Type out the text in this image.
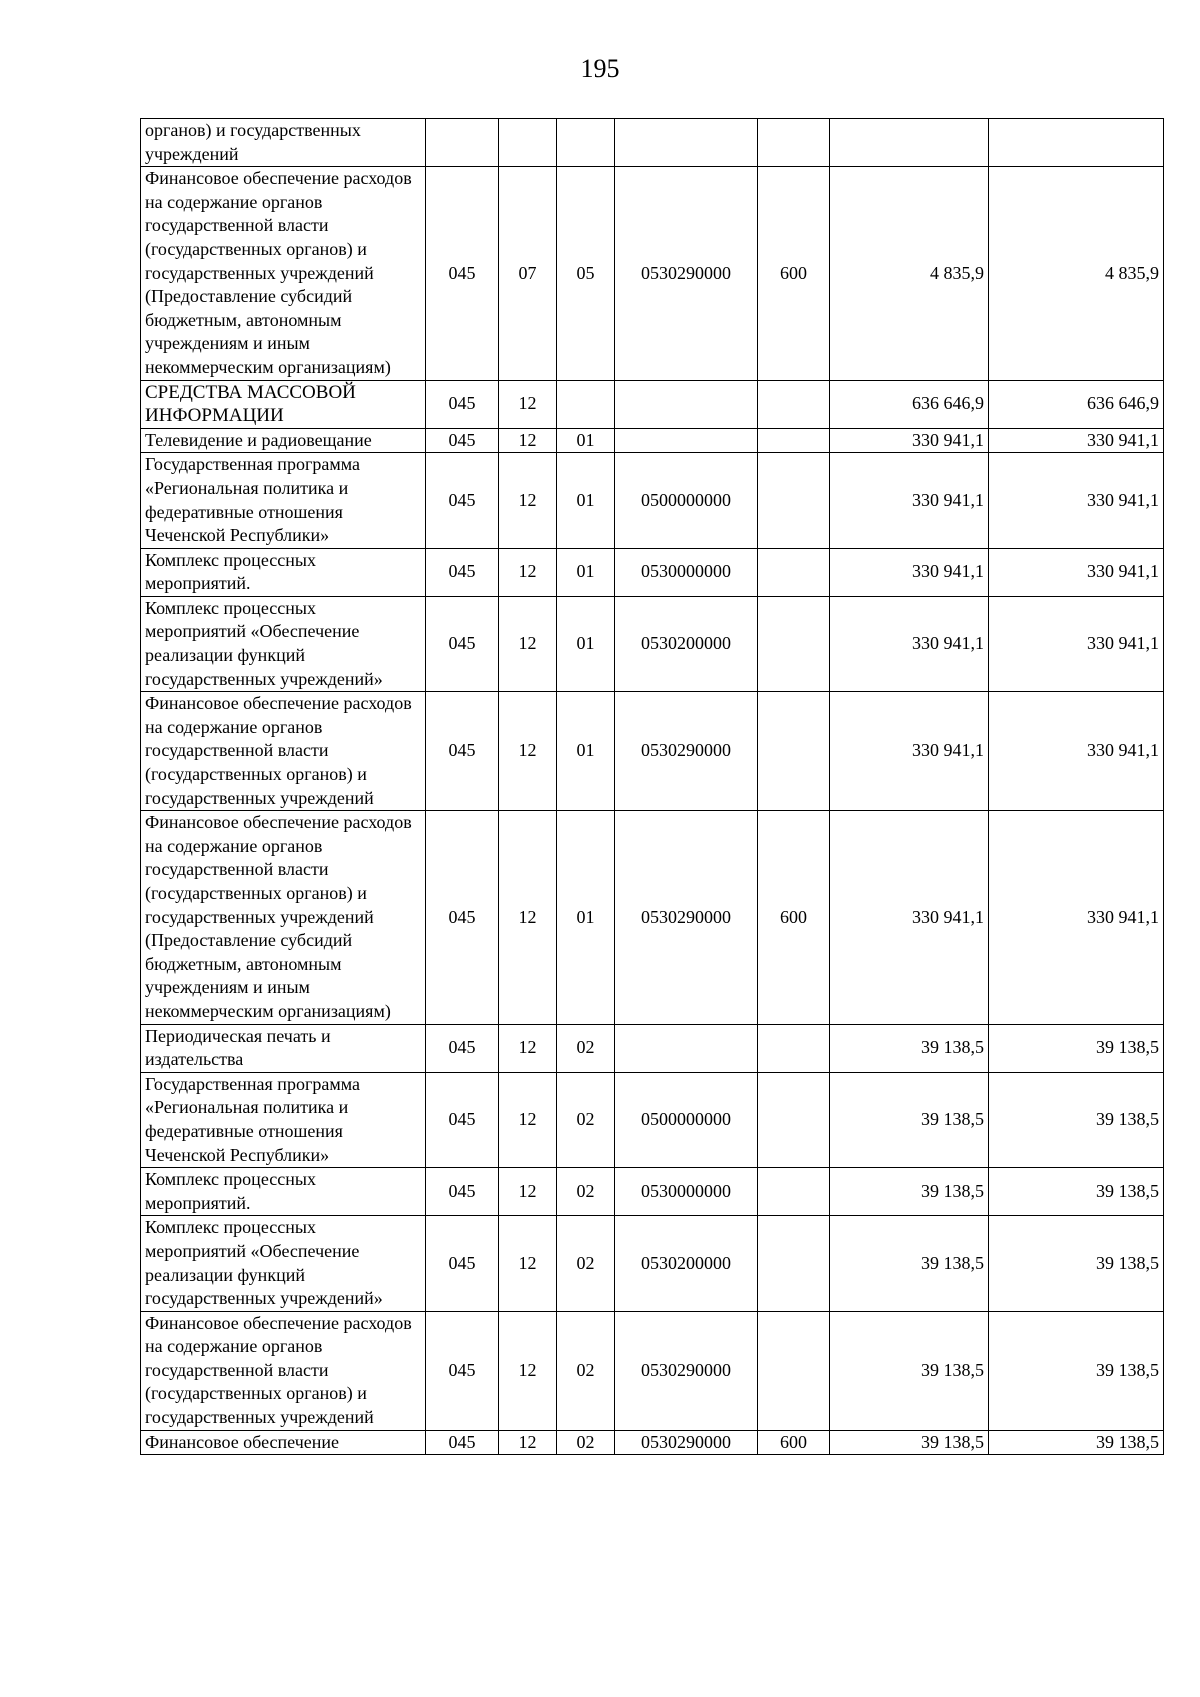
195
органов) и государственных учреждений							
Финансовое обеспечение расходов на содержание органов государственной власти (государственных органов) и государственных учреждений (Предоставление субсидий бюджетным, автономным учреждениям и иным некоммерческим организациям)	045	07	05	0530290000	600	4 835,9	4 835,9
СРЕДСТВА МАССОВОЙ ИНФОРМАЦИИ	045	12				636 646,9	636 646,9
Телевидение и радиовещание	045	12	01			330 941,1	330 941,1
Государственная программа «Региональная политика и федеративные отношения Чеченской Республики»	045	12	01	0500000000		330 941,1	330 941,1
Комплекс процессных мероприятий.	045	12	01	0530000000		330 941,1	330 941,1
Комплекс процессных мероприятий «Обеспечение реализации функций государственных учреждений»	045	12	01	0530200000		330 941,1	330 941,1
Финансовое обеспечение расходов на содержание органов государственной власти (государственных органов) и государственных учреждений	045	12	01	0530290000		330 941,1	330 941,1
Финансовое обеспечение расходов на содержание органов государственной власти (государственных органов) и государственных учреждений (Предоставление субсидий бюджетным, автономным учреждениям и иным некоммерческим организациям)	045	12	01	0530290000	600	330 941,1	330 941,1
Периодическая печать и издательства	045	12	02			39 138,5	39 138,5
Государственная программа «Региональная политика и федеративные отношения Чеченской Республики»	045	12	02	0500000000		39 138,5	39 138,5
Комплекс процессных мероприятий.	045	12	02	0530000000		39 138,5	39 138,5
Комплекс процессных мероприятий «Обеспечение реализации функций государственных учреждений»	045	12	02	0530200000		39 138,5	39 138,5
Финансовое обеспечение расходов на содержание органов государственной власти (государственных органов) и государственных учреждений	045	12	02	0530290000		39 138,5	39 138,5
Финансовое обеспечение	045	12	02	0530290000	600	39 138,5	39 138,5
